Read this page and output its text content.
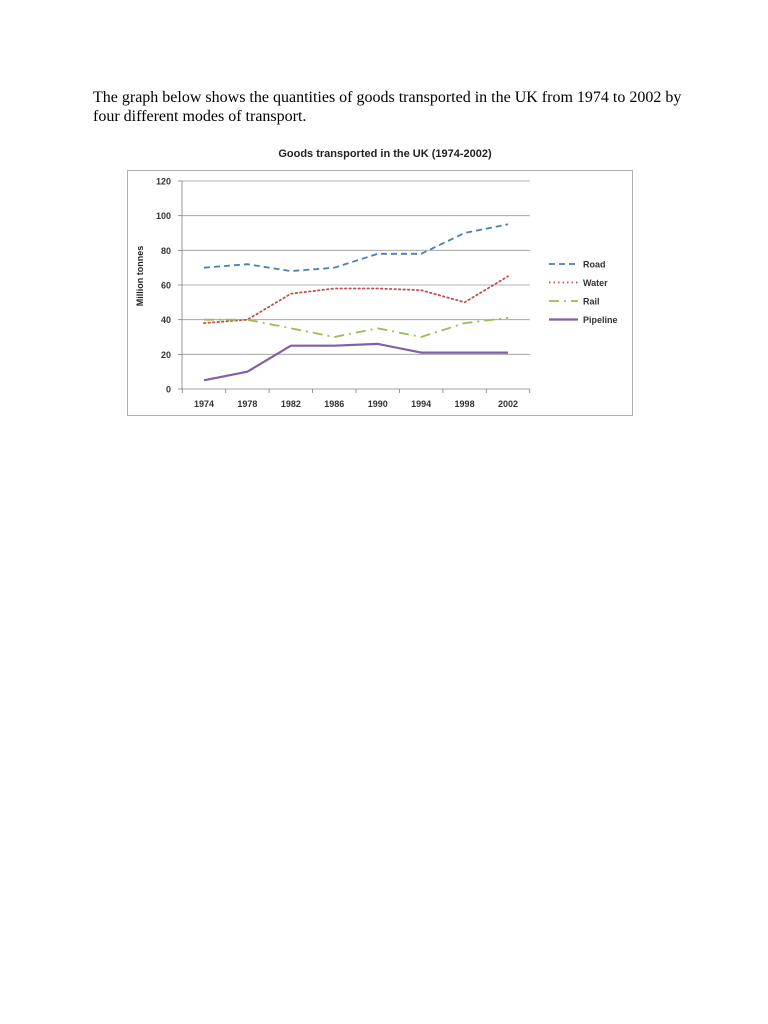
The graph below shows the quantities of goods transported in the UK from 1974 to 2002 by four different modes of transport.
Goods transported in the UK (1974-2002)
Million tonnes
0
20
40
60
80
100
120
1974	1978	1982	1986	1990	1994	1998	2002
Road
Water
Rail
Pipeline
